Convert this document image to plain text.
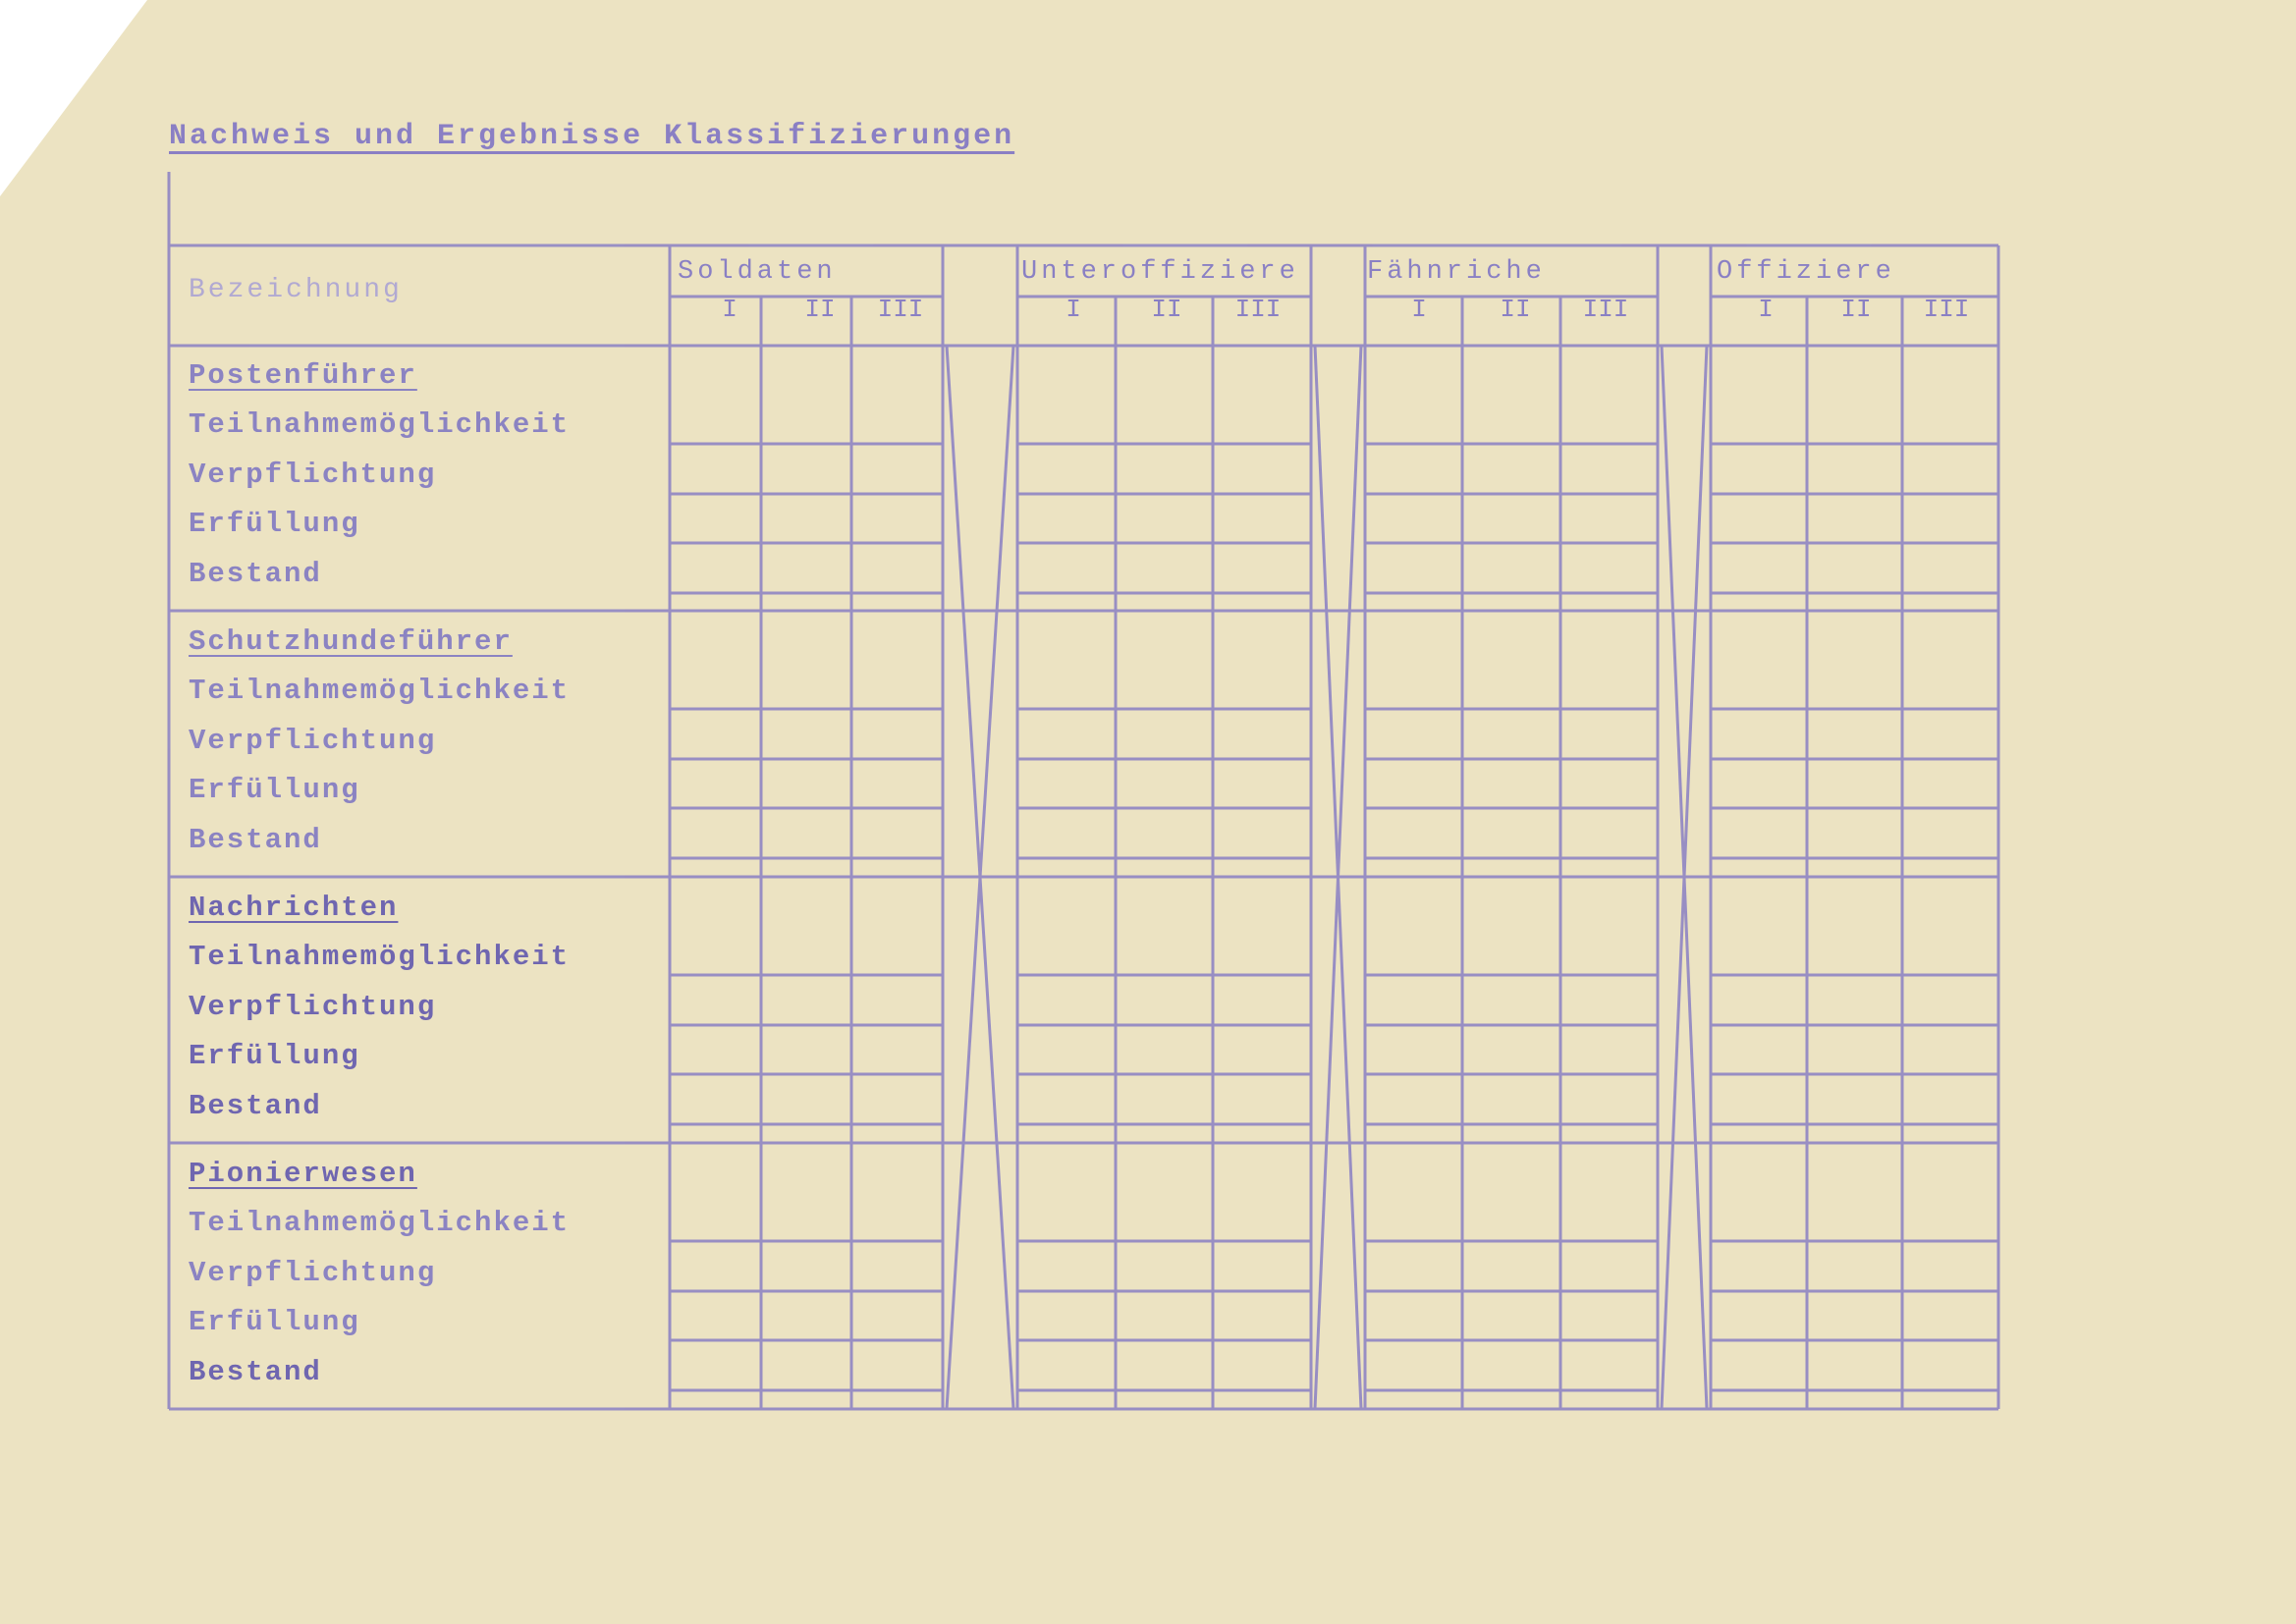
Nachweis und Ergebnisse Klassifizierungen
Bezeichnung
Soldaten	Unteroffiziere	Fähnriche	Offiziere
I	II	III	I	II	III	I	II	III	I	II	III
Postenführer
Teilnahmemöglichkeit
Verpflichtung
Erfüllung
Bestand
Schutzhundeführer
Teilnahmemöglichkeit
Verpflichtung
Erfüllung
Bestand
Nachrichten
Teilnahmemöglichkeit
Verpflichtung
Erfüllung
Bestand
Pionierwesen
Teilnahmemöglichkeit
Verpflichtung
Erfüllung
Bestand
